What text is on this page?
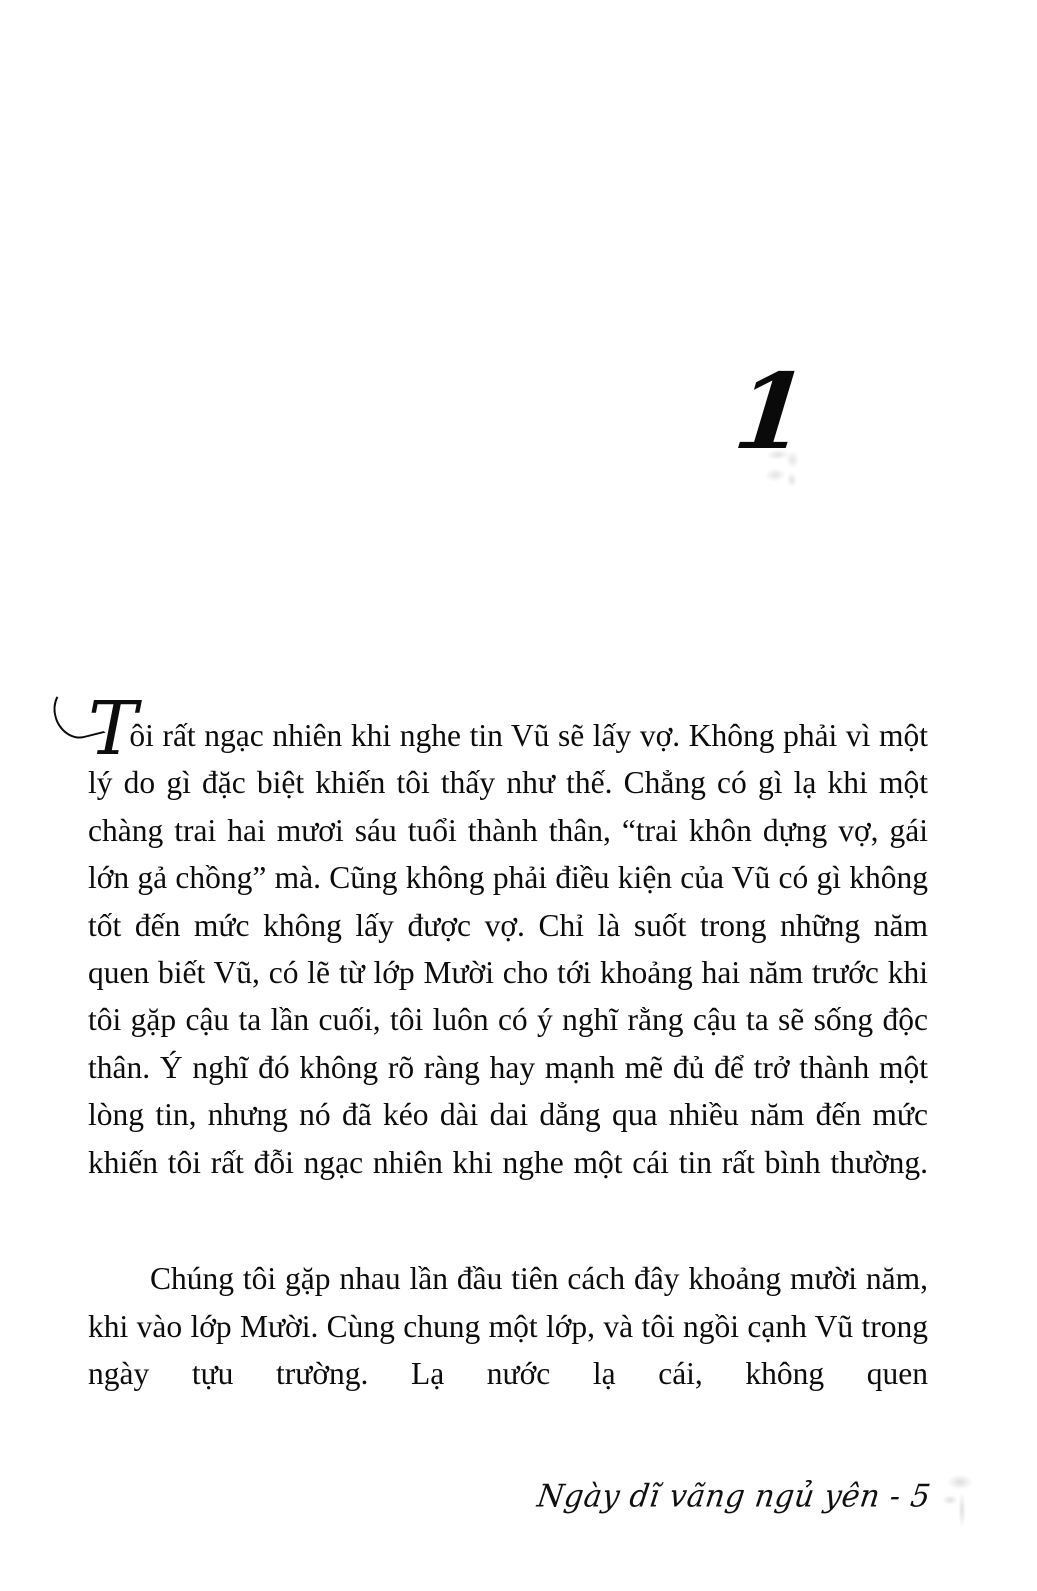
1

Tôi rất ngạc nhiên khi nghe tin Vũ sẽ lấy vợ. Không phải vì một lý do gì đặc biệt khiến tôi thấy như thế. Chẳng có gì lạ khi một chàng trai hai mươi sáu tuổi thành thân, “trai khôn dựng vợ, gái lớn gả chồng” mà. Cũng không phải điều kiện của Vũ có gì không tốt đến mức không lấy được vợ. Chỉ là suốt trong những năm quen biết Vũ, có lẽ từ lớp Mười cho tới khoảng hai năm trước khi tôi gặp cậu ta lần cuối, tôi luôn có ý nghĩ rằng cậu ta sẽ sống độc thân. Ý nghĩ đó không rõ ràng hay mạnh mẽ đủ để trở thành một lòng tin, nhưng nó đã kéo dài dai dẳng qua nhiều năm đến mức khiến tôi rất đỗi ngạc nhiên khi nghe một cái tin rất bình thường.

Chúng tôi gặp nhau lần đầu tiên cách đây khoảng mười năm, khi vào lớp Mười. Cùng chung một lớp, và tôi ngồi cạnh Vũ trong ngày tựu trường. Lạ nước lạ cái, không quen

Ngày dĩ vãng ngủ yên - 5
